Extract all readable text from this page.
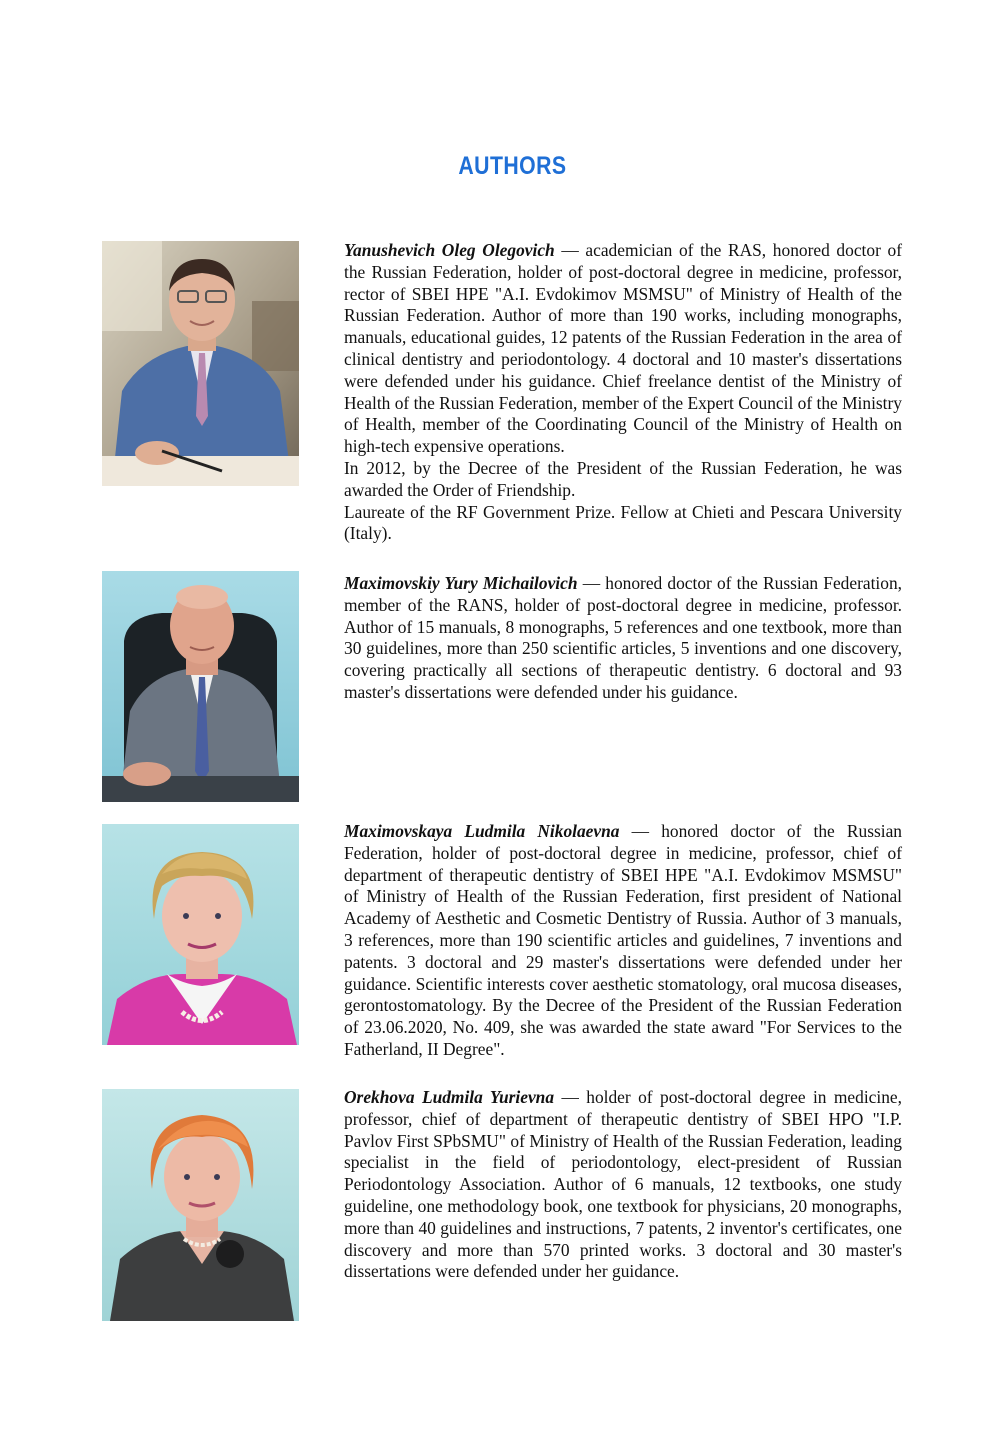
AUTHORS

Yanushevich Oleg Olegovich — academician of the RAS, honored doctor of the Russian Federation, holder of post-doctoral degree in medicine, professor, rector of SBEI HPE "A.I. Evdokimov MSMSU" of Ministry of Health of the Russian Federation. Author of more than 190 works, including monographs, manuals, educational guides, 12 patents of the Russian Federation in the area of clinical dentistry and periodontology. 4 doctoral and 10 master's dissertations were defended under his guidance. Chief freelance dentist of the Ministry of Health of the Russian Federation, member of the Expert Council of the Ministry of Health, member of the Coordinating Council of the Ministry of Health on high-tech expensive operations.

In 2012, by the Decree of the President of the Russian Federation, he was awarded the Order of Friendship.

Laureate of the RF Government Prize. Fellow at Chieti and Pescara University (Italy).

Maximovskiy Yury Michailovich — honored doctor of the Russian Federation, member of the RANS, holder of post-doctoral degree in medicine, professor. Author of 15 manuals, 8 monographs, 5 references and one textbook, more than 30 guidelines, more than 250 scientific articles, 5 inventions and one discovery, covering practically all sections of therapeutic dentistry. 6 doctoral and 93 master's dissertations were defended under his guidance.

Maximovskaya Ludmila Nikolaevna — honored doctor of the Russian Federation, holder of post-doctoral degree in medicine, professor, chief of department of therapeutic dentistry of SBEI HPE "A.I. Evdokimov MSMSU" of Ministry of Health of the Russian Federation, first president of National Academy of Aesthetic and Cosmetic Dentistry of Russia. Author of 3 manuals, 3 references, more than 190 scientific articles and guidelines, 7 inventions and patents. 3 doctoral and 29 master's dissertations were defended under her guidance. Scientific interests cover aesthetic stomatology, oral mucosa diseases, gerontostomatology. By the Decree of the President of the Russian Federation of 23.06.2020, No. 409, she was awarded the state award "For Services to the Fatherland, II Degree".

Orekhova Ludmila Yurievna — holder of post-doctoral degree in medicine, professor, chief of department of therapeutic dentistry of SBEI HPO "I.P. Pavlov First SPbSMU" of Ministry of Health of the Russian Federation, leading specialist in the field of periodontology, elect-president of Russian Periodontology Association. Author of 6 manuals, 12 textbooks, one study guideline, one methodology book, one textbook for physicians, 20 monographs, more than 40 guidelines and instructions, 7 patents, 2 inventor's certificates, one discovery and more than 570 printed works. 3 doctoral and 30 master's dissertations were defended under her guidance.
